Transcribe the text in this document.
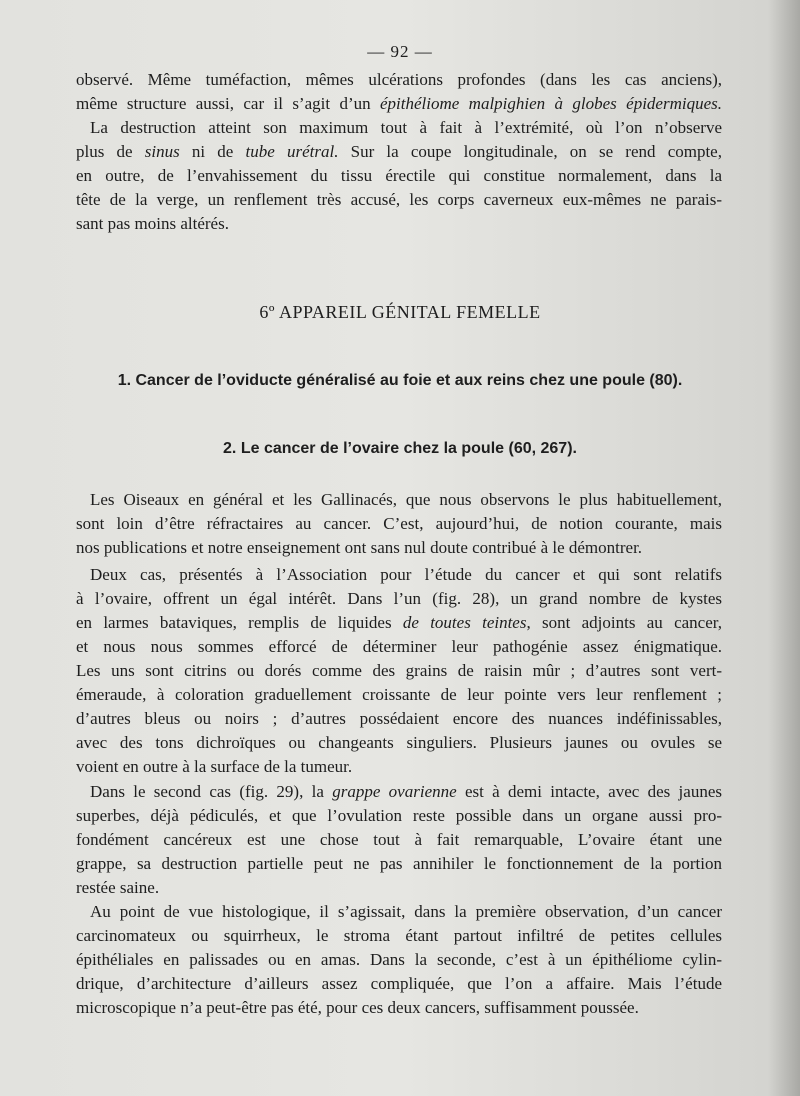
— 92 —

observé. Même tuméfaction, mêmes ulcérations profondes (dans les cas anciens),
même structure aussi, car il s’agit d’un épithéliome malpighien à globes épidermiques.
La destruction atteint son maximum tout à fait à l’extrémité, où l’on n’observe
plus de sinus ni de tube urétral. Sur la coupe longitudinale, on se rend compte,
en outre, de l’envahissement du tissu érectile qui constitue normalement, dans la
tête de la verge, un renflement très accusé, les corps caverneux eux-mêmes ne parais-
sant pas moins altérés.

6º APPAREIL GÉNITAL FEMELLE
1. Cancer de l’oviducte généralisé au foie et aux reins chez une poule (80).
2. Le cancer de l’ovaire chez la poule (60, 267).

Les Oiseaux en général et les Gallinacés, que nous observons le plus habituellement,
sont loin d’être réfractaires au cancer. C’est, aujourd’hui, de notion courante, mais
nos publications et notre enseignement ont sans nul doute contribué à le démontrer.

Deux cas, présentés à l’Association pour l’étude du cancer et qui sont relatifs
à l’ovaire, offrent un égal intérêt. Dans l’un (fig. 28), un grand nombre de kystes
en larmes bataviques, remplis de liquides de toutes teintes, sont adjoints au cancer,
et nous nous sommes efforcé de déterminer leur pathogénie assez énigmatique.
Les uns sont citrins ou dorés comme des grains de raisin mûr ; d’autres sont vert-
émeraude, à coloration graduellement croissante de leur pointe vers leur renflement ;
d’autres bleus ou noirs ; d’autres possédaient encore des nuances indéfinissables,
avec des tons dichroïques ou changeants singuliers. Plusieurs jaunes ou ovules se
voient en outre à la surface de la tumeur.

Dans le second cas (fig. 29), la grappe ovarienne est à demi intacte, avec des jaunes
superbes, déjà pédiculés, et que l’ovulation reste possible dans un organe aussi pro-
fondément cancéreux est une chose tout à fait remarquable, L’ovaire étant une
grappe, sa destruction partielle peut ne pas annihiler le fonctionnement de la portion
restée saine.

Au point de vue histologique, il s’agissait, dans la première observation, d’un cancer
carcinomateux ou squirrheux, le stroma étant partout infiltré de petites cellules
épithéliales en palissades ou en amas. Dans la seconde, c’est à un épithéliome cylin-
drique, d’architecture d’ailleurs assez compliquée, que l’on a affaire. Mais l’étude
microscopique n’a peut-être pas été, pour ces deux cancers, suffisamment poussée.
